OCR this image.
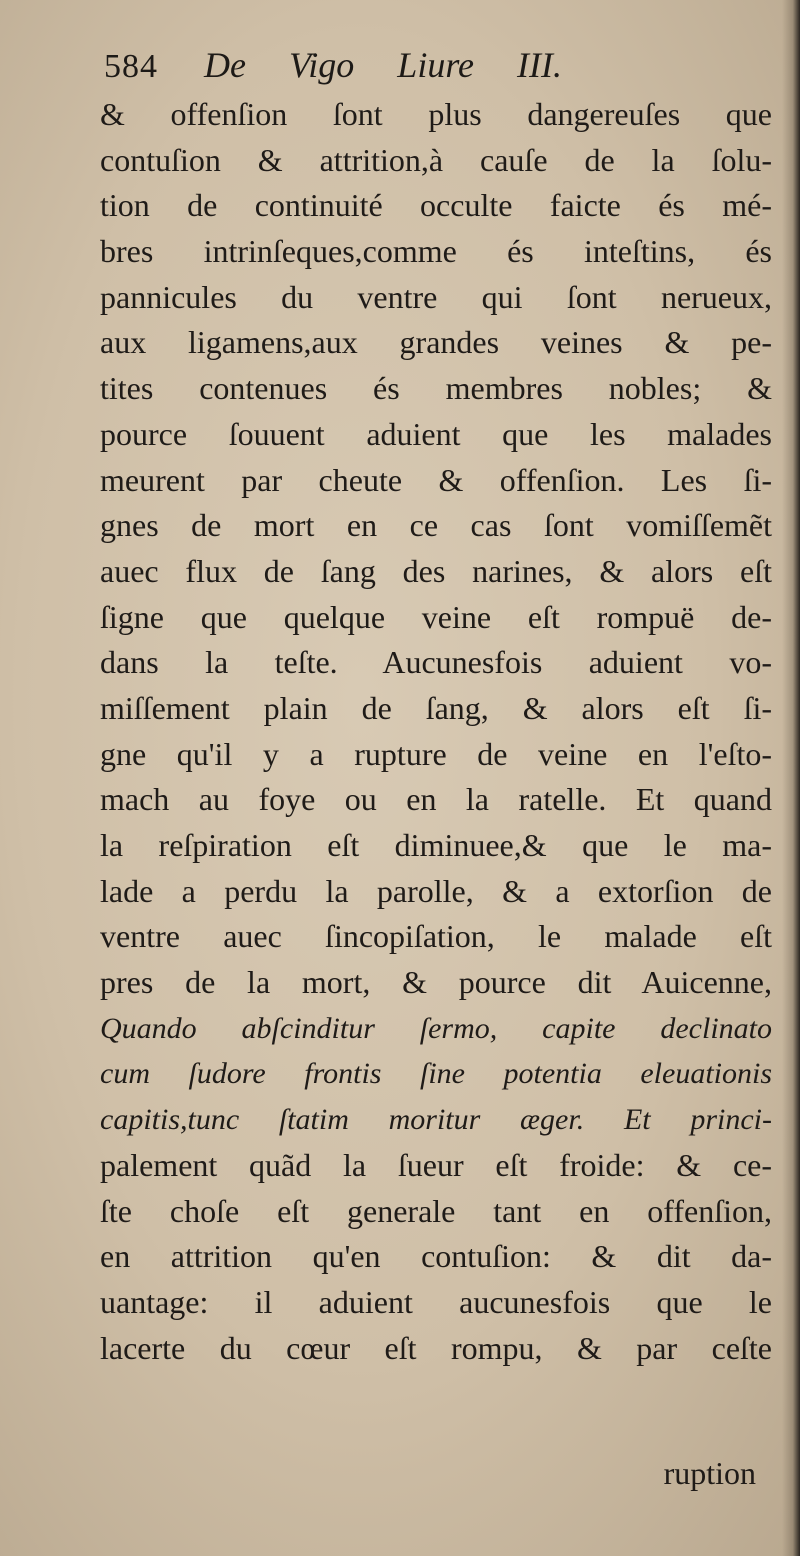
584 De Vigo Liure III.
& offenſion ſont plus dangereuſes que
contuſion & attrition,à cauſe de la ſolu-
tion de continuité occulte faicte és mé-
bres intrinſeques,comme és inteſtins, és
pannicules du ventre qui ſont nerueux,
aux ligamens,aux grandes veines & pe-
tites contenues és membres nobles; &
pource ſouuent aduient que les malades
meurent par cheute & offenſion. Les ſi-
gnes de mort en ce cas ſont vomiſſemẽt
auec flux de ſang des narines, & alors eſt
ſigne que quelque veine eſt rompuë de-
dans la teſte. Aucunesfois aduient vo-
miſſement plain de ſang, & alors eſt ſi-
gne qu'il y a rupture de veine en l'eſto-
mach au foye ou en la ratelle. Et quand
la reſpiration eſt diminuee,& que le ma-
lade a perdu la parolle, & a extorſion de
ventre auec ſincopiſation, le malade eſt
pres de la mort, & pource dit Auicenne,
Quando abſcinditur ſermo, capite declinato
cum ſudore frontis ſine potentia eleuationis
capitis,tunc ſtatim moritur æger. Et princi-
palement quãd la ſueur eſt froide: & ce-
ſte choſe eſt generale tant en offenſion,
en attrition qu'en contuſion: & dit da-
uantage: il aduient aucunesfois que le
lacerte du cœur eſt rompu, & par ceſte
ruption
